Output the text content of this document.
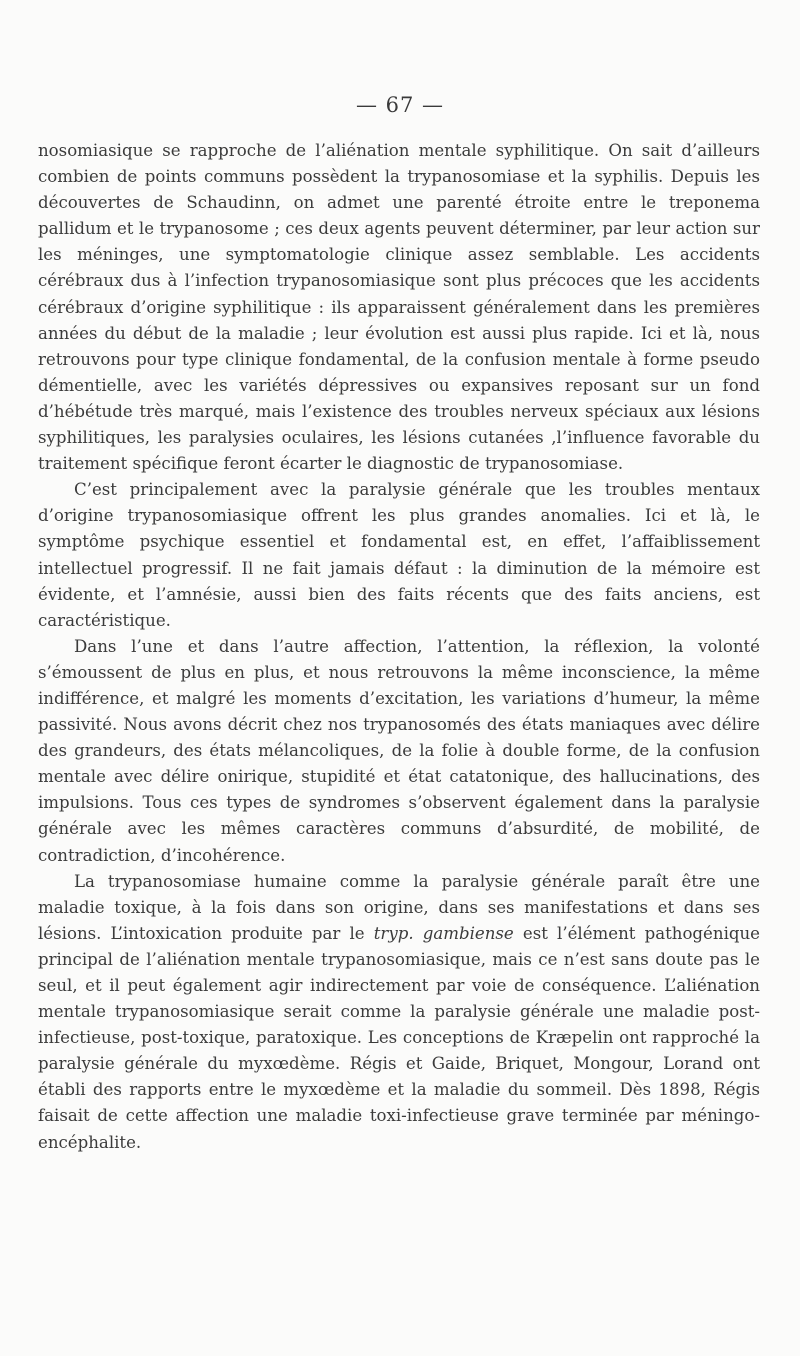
— 67 —

nosomiasique se rapproche de l’aliénation mentale syphilitique. On sait d’ailleurs combien de points communs possèdent la trypanosomiase et la syphilis. Depuis les découvertes de Schaudinn, on admet une parenté étroite entre le treponema pallidum et le trypanosome ; ces deux agents peuvent déterminer, par leur action sur les méninges, une symptomatologie clinique assez semblable. Les accidents cérébraux dus à l’infection trypanosomiasique sont plus précoces que les accidents cérébraux d’origine syphilitique : ils apparaissent généralement dans les premières années du début de la maladie ; leur évolution est aussi plus rapide. Ici et là, nous retrouvons pour type clinique fondamental, de la confusion mentale à forme pseudo démentielle, avec les variétés dépressives ou expansives reposant sur un fond d’hébétude très marqué, mais l’existence des troubles nerveux spéciaux aux lésions syphilitiques, les paralysies oculaires, les lésions cutanées ,l’influence favorable du traitement spécifique feront écarter le diagnostic de trypanosomiase.

C’est principalement avec la paralysie générale que les troubles mentaux d’origine trypanosomiasique offrent les plus grandes anomalies. Ici et là, le symptôme psychique essentiel et fondamental est, en effet, l’affaiblissement intellectuel progressif. Il ne fait jamais défaut : la diminution de la mémoire est évidente, et l’amnésie, aussi bien des faits récents que des faits anciens, est caractéristique.

Dans l’une et dans l’autre affection, l’attention, la réflexion, la volonté s’émoussent de plus en plus, et nous retrouvons la même inconscience, la même indifférence, et malgré les moments d’excitation, les variations d’humeur, la même passivité. Nous avons décrit chez nos trypanosomés des états maniaques avec délire des grandeurs, des états mélancoliques, de la folie à double forme, de la confusion mentale avec délire onirique, stupidité et état catatonique, des hallucinations, des impulsions. Tous ces types de syndromes s’observent également dans la paralysie générale avec les mêmes caractères communs d’absurdité, de mobilité, de contradiction, d’incohérence.

La trypanosomiase humaine comme la paralysie générale paraît être une maladie toxique, à la fois dans son origine, dans ses manifestations et dans ses lésions. L’intoxication produite par le tryp. gambiense est l’élément pathogénique principal de l’aliénation mentale trypanosomiasique, mais ce n’est sans doute pas le seul, et il peut également agir indirectement par voie de conséquence. L’aliénation mentale trypanosomiasique serait comme la paralysie générale une maladie post-infectieuse, post-toxique, paratoxique. Les conceptions de Kræpelin ont rapproché la paralysie générale du myxœdème. Régis et Gaide, Briquet, Mongour, Lorand ont établi des rapports entre le myxœdème et la maladie du sommeil. Dès 1898, Régis faisait de cette affection une maladie toxi-infectieuse grave terminée par méningo-encéphalite.
